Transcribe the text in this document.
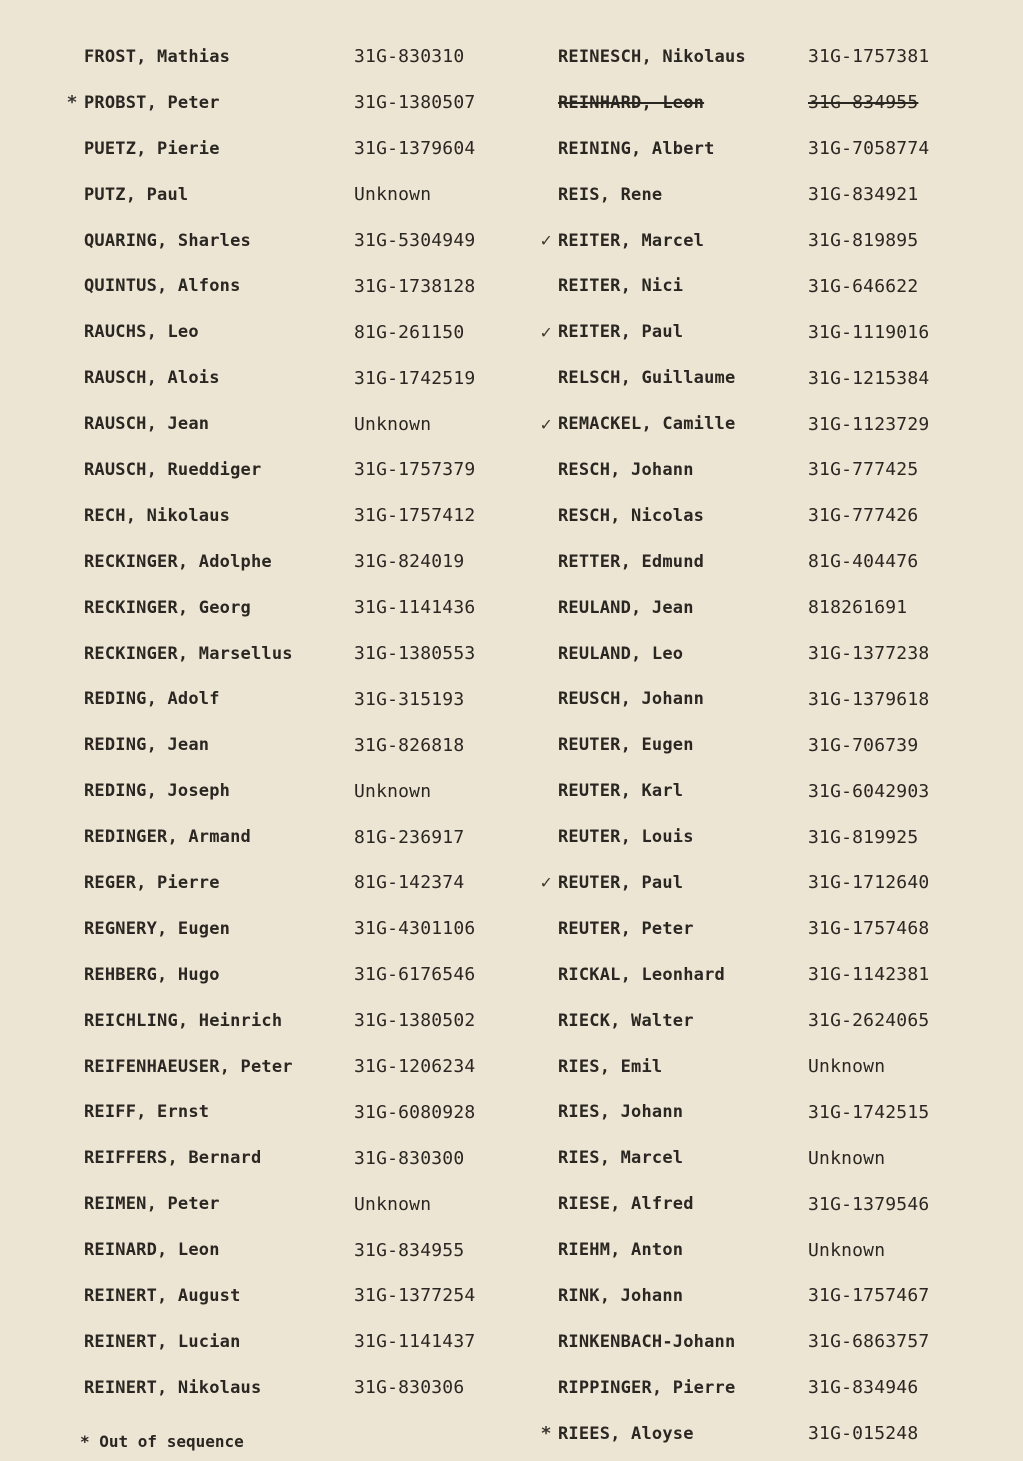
FROST, Mathias	31G-830310
* PROBST, Peter	31G-1380507
PUETZ, Pierie	31G-1379604
PUTZ, Paul	Unknown
QUARING, Sharles	31G-5304949
QUINTUS, Alfons	31G-1738128
RAUCHS, Leo	81G-261150
RAUSCH, Alois	31G-1742519
RAUSCH, Jean	Unknown
RAUSCH, Rueddiger	31G-1757379
RECH, Nikolaus	31G-1757412
RECKINGER, Adolphe	31G-824019
RECKINGER, Georg	31G-1141436
RECKINGER, Marsellus	31G-1380553
REDING, Adolf	31G-315193
REDING, Jean	31G-826818
REDING, Joseph	Unknown
REDINGER, Armand	81G-236917
REGER, Pierre	81G-142374
REGNERY, Eugen	31G-4301106
REHBERG, Hugo	31G-6176546
REICHLING, Heinrich	31G-1380502
REIFENHAEUSER, Peter	31G-1206234
REIFF, Ernst	31G-6080928
REIFFERS, Bernard	31G-830300
REIMEN, Peter	Unknown
REINARD, Leon	31G-834955
REINERT, August	31G-1377254
REINERT, Lucian	31G-1141437
REINERT, Nikolaus	31G-830306
REINESCH, Nikolaus	31G-1757381
REINHARD, Leon	31G-834955
REINING, Albert	31G-7058774
REIS, Rene	31G-834921
✓ REITER, Marcel	31G-819895
REITER, Nici	31G-646622
✓ REITER, Paul	31G-1119016
RELSCH, Guillaume	31G-1215384
✓ REMACKEL, Camille	31G-1123729
RESCH, Johann	31G-777425
RESCH, Nicolas	31G-777426
RETTER, Edmund	81G-404476
REULAND, Jean	818261691
REULAND, Leo	31G-1377238
REUSCH, Johann	31G-1379618
REUTER, Eugen	31G-706739
REUTER, Karl	31G-6042903
REUTER, Louis	31G-819925
✓ REUTER, Paul	31G-1712640
REUTER, Peter	31G-1757468
RICKAL, Leonhard	31G-1142381
RIECK, Walter	31G-2624065
RIES, Emil	Unknown
RIES, Johann	31G-1742515
RIES, Marcel	Unknown
RIESE, Alfred	31G-1379546
RIEHM, Anton	Unknown
RINK, Johann	31G-1757467
RINKENBACH-Johann	31G-6863757
RIPPINGER, Pierre	31G-834946
* RIEES, Aloyse	31G-015248
* Out of sequence
